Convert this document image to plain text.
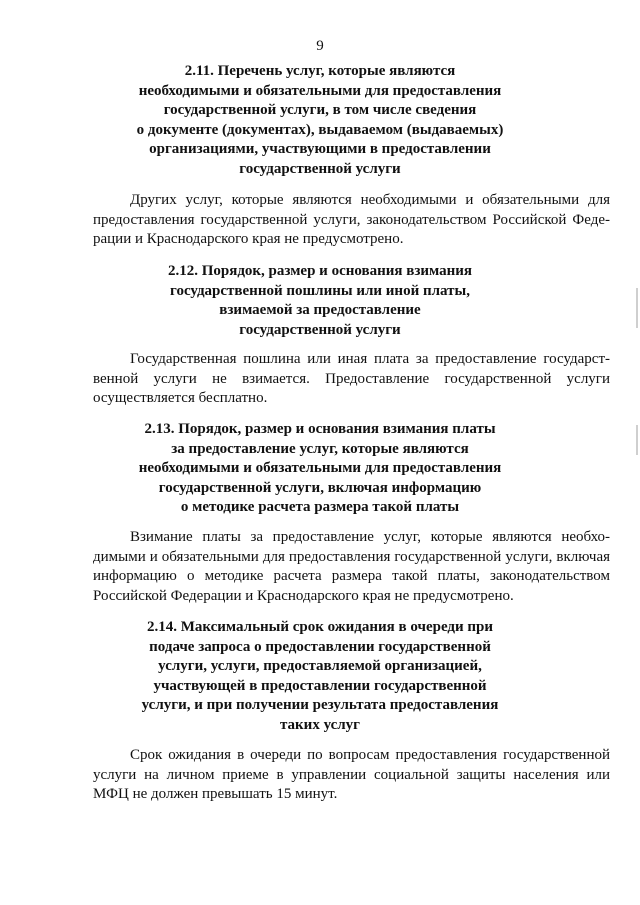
9
2.11. Перечень услуг, которые являются
необходимыми и обязательными для предоставления
государственной услуги, в том числе сведения
о документе (документах), выдаваемом (выдаваемых)
организациями, участвующими в предоставлении
государственной услуги
Других услуг, которые являются необходимыми и обязательными для
предоставления государственной услуги, законодательством Российской Феде-
рации и Краснодарского края не предусмотрено.
2.12. Порядок, размер и основания взимания
государственной пошлины или иной платы,
взимаемой за предоставление
государственной услуги
Государственная пошлина или иная плата за предоставление государст-
венной услуги не взимается. Предоставление государственной услуги
осуществляется бесплатно.
2.13. Порядок, размер и основания взимания платы
за предоставление услуг, которые являются
необходимыми и обязательными для предоставления
государственной услуги, включая информацию
о методике расчета размера такой платы
Взимание платы за предоставление услуг, которые являются необхо-
димыми и обязательными для предоставления государственной услуги, включая
информацию о методике расчета размера такой платы, законодательством
Российской Федерации и Краснодарского края не предусмотрено.
2.14. Максимальный срок ожидания в очереди при
подаче запроса о предоставлении государственной
услуги, услуги, предоставляемой организацией,
участвующей в предоставлении государственной
услуги, и при получении результата предоставления
таких услуг
Срок ожидания в очереди по вопросам предоставления государственной
услуги на личном приеме в управлении социальной защиты населения или
МФЦ не должен превышать 15 минут.
